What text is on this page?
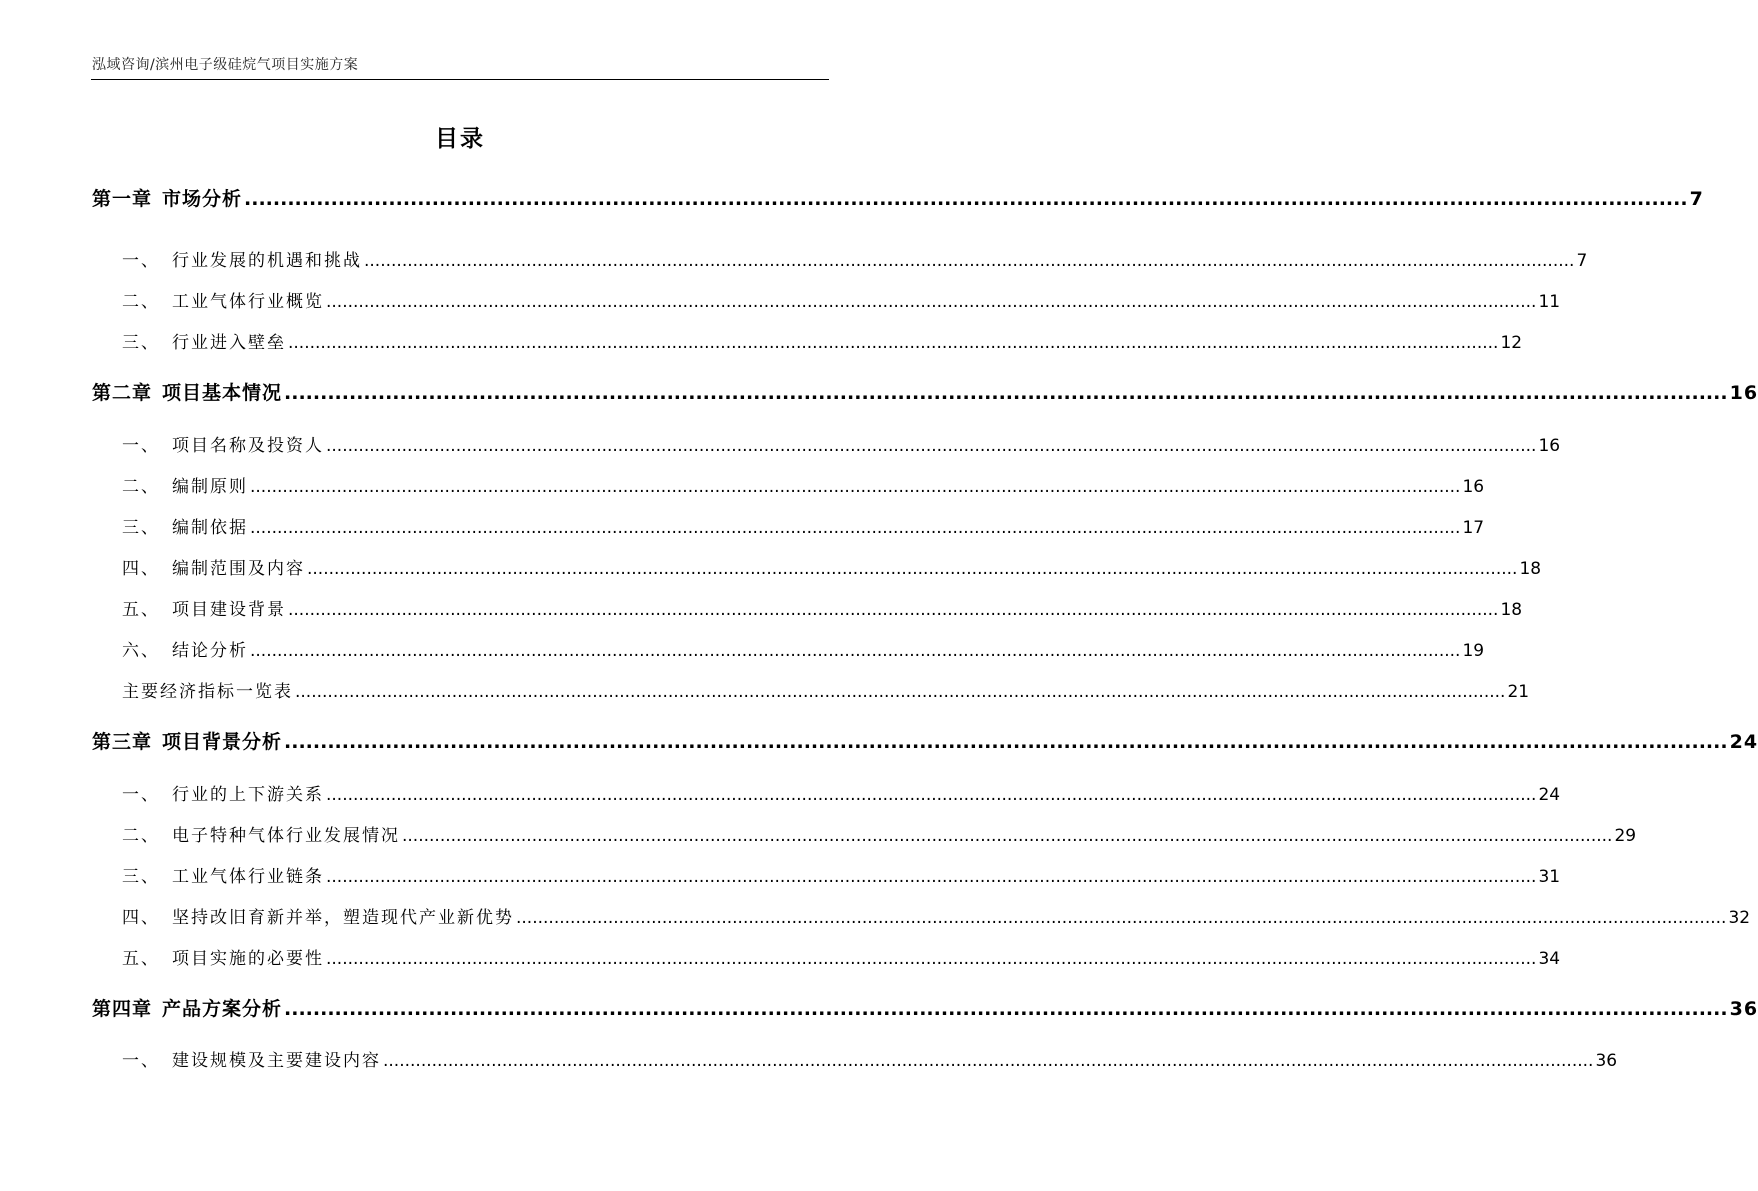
泓域咨询/滨州电子级硅烷气项目实施方案
目录
第一章 市场分析 ........................................................................................................................................................................................................ 7
一、 行业发展的机遇和挑战 ................................................................................................................................................................................................................................ 7
二、 工业气体行业概览 ................................................................................................................................................................................................................................ 11
三、 行业进入壁垒 ................................................................................................................................................................................................................................ 12
第二章 项目基本情况 ........................................................................................................................................................................................................ 16
一、 项目名称及投资人 ................................................................................................................................................................................................................................ 16
二、 编制原则 ................................................................................................................................................................................................................................ 16
三、 编制依据 ................................................................................................................................................................................................................................ 17
四、 编制范围及内容 ................................................................................................................................................................................................................................ 18
五、 项目建设背景 ................................................................................................................................................................................................................................ 18
六、 结论分析 ................................................................................................................................................................................................................................ 19
主要经济指标一览表 ................................................................................................................................................................................................................................ 21
第三章 项目背景分析 ........................................................................................................................................................................................................ 24
一、 行业的上下游关系 ................................................................................................................................................................................................................................ 24
二、 电子特种气体行业发展情况 ................................................................................................................................................................................................................................ 29
三、 工业气体行业链条 ................................................................................................................................................................................................................................ 31
四、 坚持改旧育新并举，塑造现代产业新优势 ................................................................................................................................................................................................................................ 32
五、 项目实施的必要性 ................................................................................................................................................................................................................................ 34
第四章 产品方案分析 ........................................................................................................................................................................................................ 36
一、 建设规模及主要建设内容 ................................................................................................................................................................................................................................ 36
